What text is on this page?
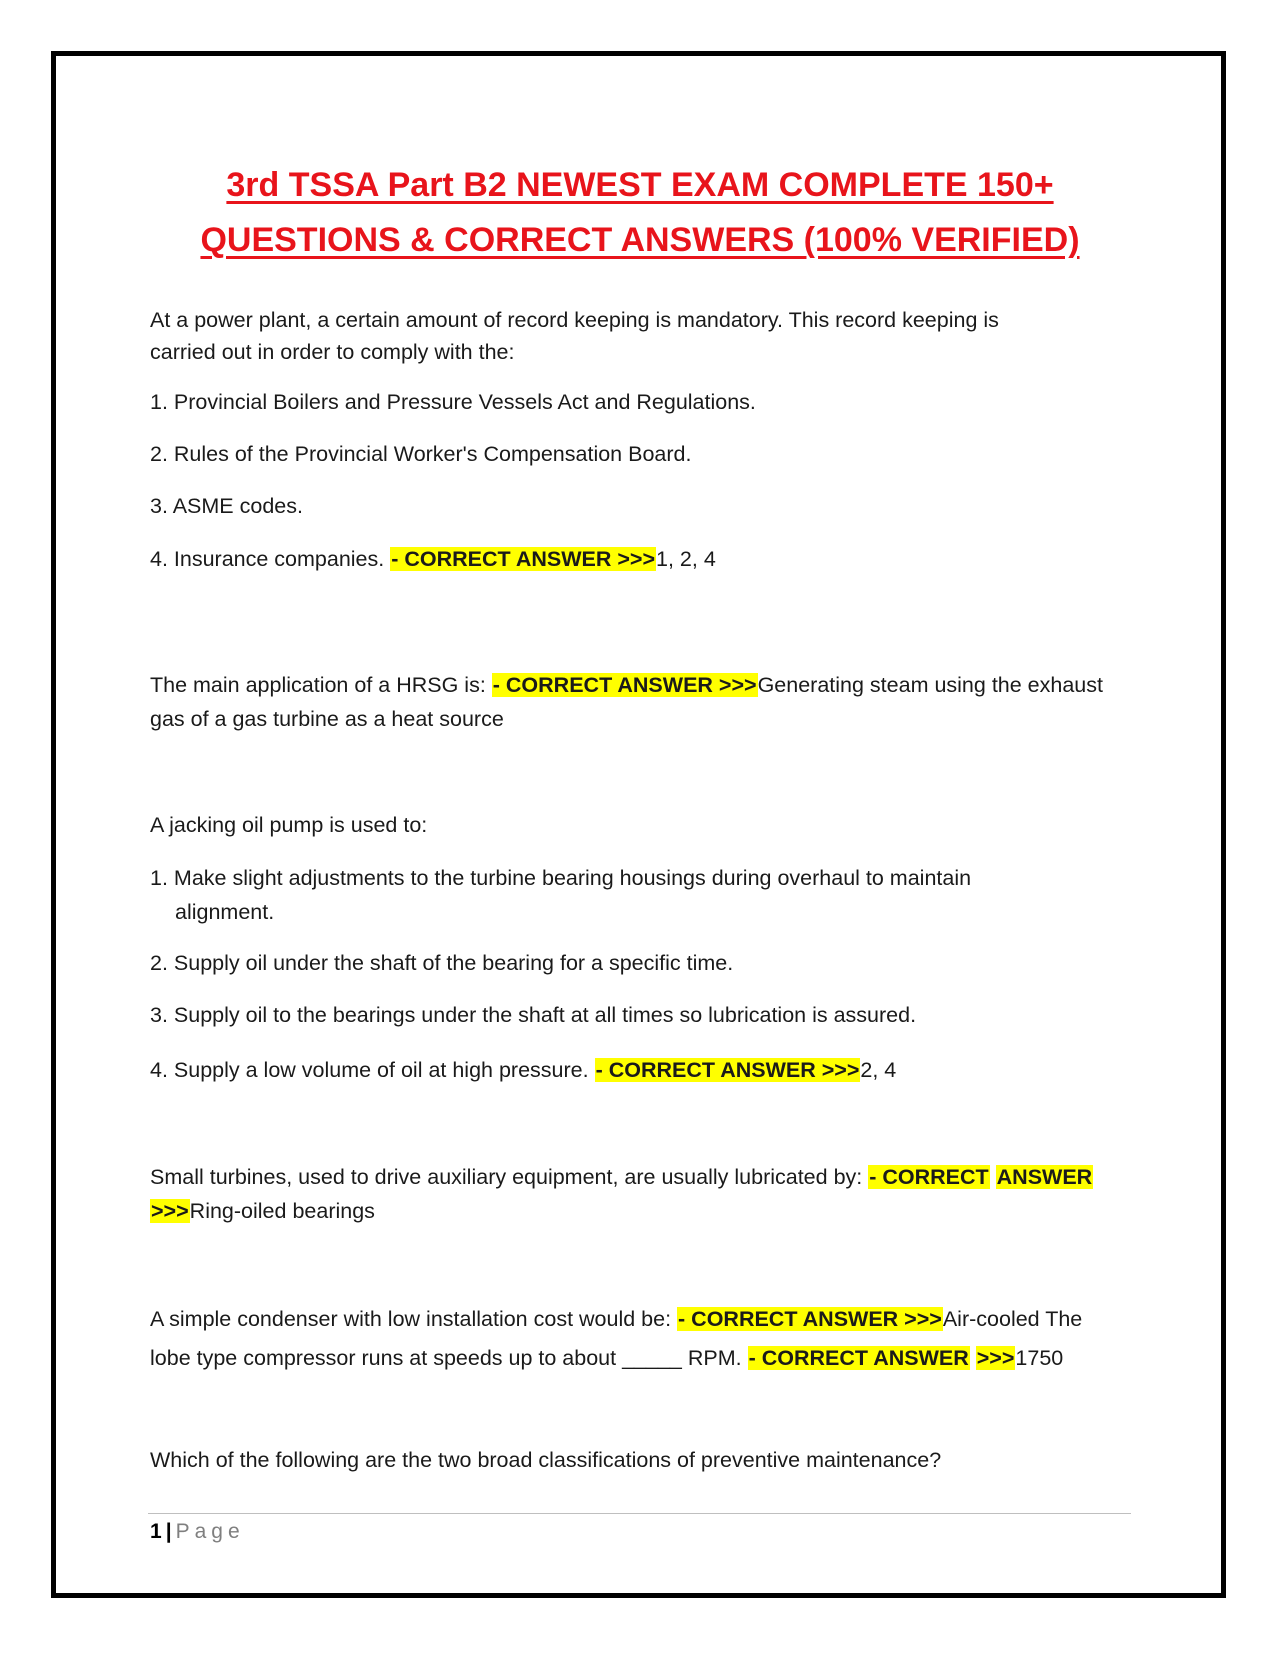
3rd TSSA Part B2 NEWEST EXAM COMPLETE 150+
QUESTIONS & CORRECT ANSWERS (100% VERIFIED)
At a power plant, a certain amount of record keeping is mandatory. This record keeping is
carried out in order to comply with the:
1. Provincial Boilers and Pressure Vessels Act and Regulations.
2. Rules of the Provincial Worker's Compensation Board.
3. ASME codes.
4. Insurance companies. - CORRECT ANSWER >>>1, 2, 4
The main application of a HRSG is: - CORRECT ANSWER >>>Generating steam using the exhaust
gas of a gas turbine as a heat source
A jacking oil pump is used to:
1. Make slight adjustments to the turbine bearing housings during overhaul to maintain
alignment.
2. Supply oil under the shaft of the bearing for a specific time.
3. Supply oil to the bearings under the shaft at all times so lubrication is assured.
4. Supply a low volume of oil at high pressure. - CORRECT ANSWER >>>2, 4
Small turbines, used to drive auxiliary equipment, are usually lubricated by: - CORRECT ANSWER
>>>Ring-oiled bearings
A simple condenser with low installation cost would be: - CORRECT ANSWER >>>Air-cooled The
lobe type compressor runs at speeds up to about _____ RPM. - CORRECT ANSWER >>>1750
Which of the following are the two broad classifications of preventive maintenance?
1 | Page
